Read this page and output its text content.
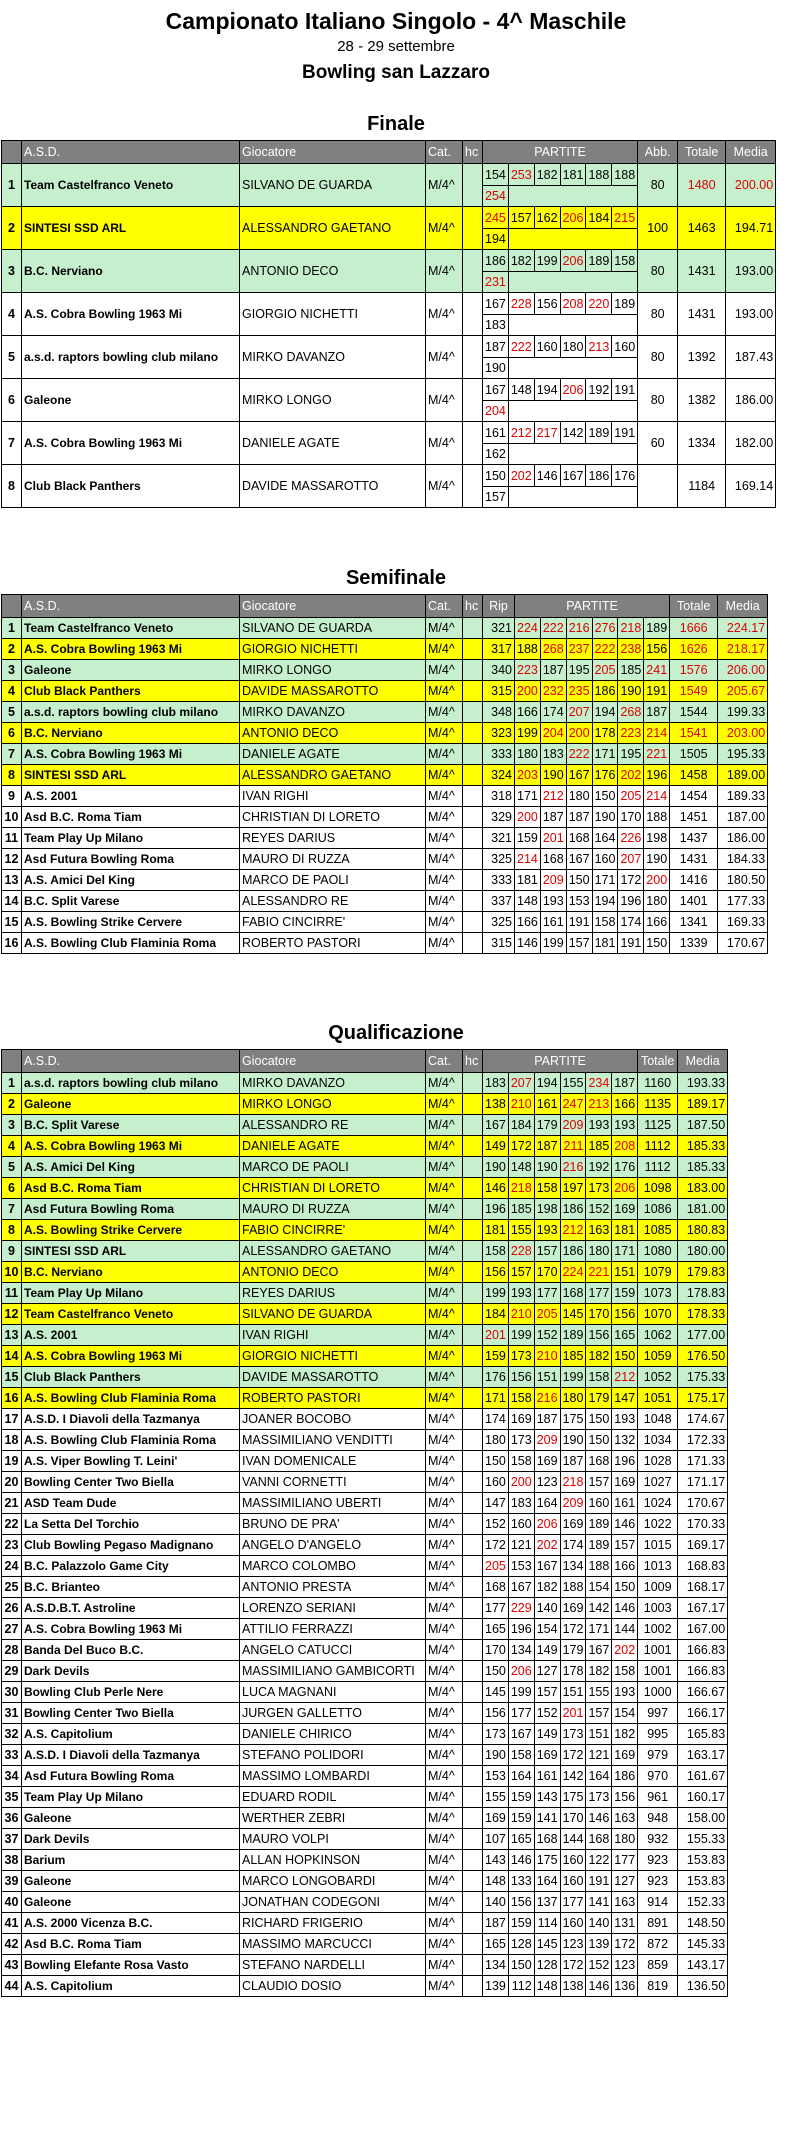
Campionato Italiano Singolo - 4^ Maschile
28 - 29 settembre
Bowling san Lazzaro
Finale
	A.S.D.	Giocatore	Cat.	hc	PARTITE						Abb.	Totale	Media
1	Team Castelfranco Veneto	SILVANO DE GUARDA	M/4^		154	253	182	181	188	188	80	1480	200.00
					254								
2	SINTESI SSD ARL	ALESSANDRO GAETANO	M/4^		245	157	162	206	184	215	100	1463	194.71
					194								
3	B.C. Nerviano	ANTONIO DECO	M/4^		186	182	199	206	189	158	80	1431	193.00
					231								
4	A.S. Cobra Bowling 1963 Mi	GIORGIO NICHETTI	M/4^		167	228	156	208	220	189	80	1431	193.00
					183								
5	a.s.d. raptors bowling club milano	MIRKO DAVANZO	M/4^		187	222	160	180	213	160	80	1392	187.43
					190								
6	Galeone	MIRKO LONGO	M/4^		167	148	194	206	192	191	80	1382	186.00
					204								
7	A.S. Cobra Bowling 1963 Mi	DANIELE AGATE	M/4^		161	212	217	142	189	191	60	1334	182.00
					162								
8	Club Black Panthers	DAVIDE MASSAROTTO	M/4^		150	202	146	167	186	176		1184	169.14
					157								
Semifinale
	A.S.D.	Giocatore	Cat.	hc	Rip	PARTITE						Totale	Media
1	Team Castelfranco Veneto	SILVANO DE GUARDA	M/4^		321	224	222	216	276	218	189	1666	224.17
2	A.S. Cobra Bowling 1963 Mi	GIORGIO NICHETTI	M/4^		317	188	268	237	222	238	156	1626	218.17
3	Galeone	MIRKO LONGO	M/4^		340	223	187	195	205	185	241	1576	206.00
4	Club Black Panthers	DAVIDE MASSAROTTO	M/4^		315	200	232	235	186	190	191	1549	205.67
5	a.s.d. raptors bowling club milano	MIRKO DAVANZO	M/4^		348	166	174	207	194	268	187	1544	199.33
6	B.C. Nerviano	ANTONIO DECO	M/4^		323	199	204	200	178	223	214	1541	203.00
7	A.S. Cobra Bowling 1963 Mi	DANIELE AGATE	M/4^		333	180	183	222	171	195	221	1505	195.33
8	SINTESI SSD ARL	ALESSANDRO GAETANO	M/4^		324	203	190	167	176	202	196	1458	189.00
9	A.S. 2001	IVAN RIGHI	M/4^		318	171	212	180	150	205	214	1454	189.33
10	Asd B.C. Roma Tiam	CHRISTIAN DI LORETO	M/4^		329	200	187	187	190	170	188	1451	187.00
11	Team Play Up Milano	REYES DARIUS	M/4^		321	159	201	168	164	226	198	1437	186.00
12	Asd Futura Bowling Roma	MAURO DI RUZZA	M/4^		325	214	168	167	160	207	190	1431	184.33
13	A.S. Amici Del King	MARCO DE PAOLI	M/4^		333	181	209	150	171	172	200	1416	180.50
14	B.C. Split Varese	ALESSANDRO RE	M/4^		337	148	193	153	194	196	180	1401	177.33
15	A.S. Bowling Strike Cervere	FABIO CINCIRRE'	M/4^		325	166	161	191	158	174	166	1341	169.33
16	A.S. Bowling Club Flaminia Roma	ROBERTO PASTORI	M/4^		315	146	199	157	181	191	150	1339	170.67
Qualificazione
	A.S.D.	Giocatore	Cat.	hc	PARTITE						Totale	Media
1	a.s.d. raptors bowling club milano	MIRKO DAVANZO	M/4^		183	207	194	155	234	187	1160	193.33
2	Galeone	MIRKO LONGO	M/4^		138	210	161	247	213	166	1135	189.17
3	B.C. Split Varese	ALESSANDRO RE	M/4^		167	184	179	209	193	193	1125	187.50
4	A.S. Cobra Bowling 1963 Mi	DANIELE AGATE	M/4^		149	172	187	211	185	208	1112	185.33
5	A.S. Amici Del King	MARCO DE PAOLI	M/4^		190	148	190	216	192	176	1112	185.33
6	Asd B.C. Roma Tiam	CHRISTIAN DI LORETO	M/4^		146	218	158	197	173	206	1098	183.00
7	Asd Futura Bowling Roma	MAURO DI RUZZA	M/4^		196	185	198	186	152	169	1086	181.00
8	A.S. Bowling Strike Cervere	FABIO CINCIRRE'	M/4^		181	155	193	212	163	181	1085	180.83
9	SINTESI SSD ARL	ALESSANDRO GAETANO	M/4^		158	228	157	186	180	171	1080	180.00
10	B.C. Nerviano	ANTONIO DECO	M/4^		156	157	170	224	221	151	1079	179.83
11	Team Play Up Milano	REYES DARIUS	M/4^		199	193	177	168	177	159	1073	178.83
12	Team Castelfranco Veneto	SILVANO DE GUARDA	M/4^		184	210	205	145	170	156	1070	178.33
13	A.S. 2001	IVAN RIGHI	M/4^		201	199	152	189	156	165	1062	177.00
14	A.S. Cobra Bowling 1963 Mi	GIORGIO NICHETTI	M/4^		159	173	210	185	182	150	1059	176.50
15	Club Black Panthers	DAVIDE MASSAROTTO	M/4^		176	156	151	199	158	212	1052	175.33
16	A.S. Bowling Club Flaminia Roma	ROBERTO PASTORI	M/4^		171	158	216	180	179	147	1051	175.17
17	A.S.D. I Diavoli della Tazmanya	JOANER BOCOBO	M/4^		174	169	187	175	150	193	1048	174.67
18	A.S. Bowling Club Flaminia Roma	MASSIMILIANO VENDITTI	M/4^		180	173	209	190	150	132	1034	172.33
19	A.S. Viper Bowling T. Leini'	IVAN DOMENICALE	M/4^		150	158	169	187	168	196	1028	171.33
20	Bowling Center Two Biella	VANNI CORNETTI	M/4^		160	200	123	218	157	169	1027	171.17
21	ASD Team Dude	MASSIMILIANO UBERTI	M/4^		147	183	164	209	160	161	1024	170.67
22	La Setta Del Torchio	BRUNO DE PRA'	M/4^		152	160	206	169	189	146	1022	170.33
23	Club Bowling Pegaso Madignano	ANGELO D'ANGELO	M/4^		172	121	202	174	189	157	1015	169.17
24	B.C. Palazzolo Game City	MARCO COLOMBO	M/4^		205	153	167	134	188	166	1013	168.83
25	B.C. Brianteo	ANTONIO PRESTA	M/4^		168	167	182	188	154	150	1009	168.17
26	A.S.D.B.T. Astroline	LORENZO SERIANI	M/4^		177	229	140	169	142	146	1003	167.17
27	A.S. Cobra Bowling 1963 Mi	ATTILIO FERRAZZI	M/4^		165	196	154	172	171	144	1002	167.00
28	Banda Del Buco B.C.	ANGELO CATUCCI	M/4^		170	134	149	179	167	202	1001	166.83
29	Dark Devils	MASSIMILIANO GAMBICORTI	M/4^		150	206	127	178	182	158	1001	166.83
30	Bowling Club Perle Nere	LUCA MAGNANI	M/4^		145	199	157	151	155	193	1000	166.67
31	Bowling Center Two Biella	JURGEN GALLETTO	M/4^		156	177	152	201	157	154	997	166.17
32	A.S. Capitolium	DANIELE CHIRICO	M/4^		173	167	149	173	151	182	995	165.83
33	A.S.D. I Diavoli della Tazmanya	STEFANO POLIDORI	M/4^		190	158	169	172	121	169	979	163.17
34	Asd Futura Bowling Roma	MASSIMO LOMBARDI	M/4^		153	164	161	142	164	186	970	161.67
35	Team Play Up Milano	EDUARD RODIL	M/4^		155	159	143	175	173	156	961	160.17
36	Galeone	WERTHER ZEBRI	M/4^		169	159	141	170	146	163	948	158.00
37	Dark Devils	MAURO VOLPI	M/4^		107	165	168	144	168	180	932	155.33
38	Barium	ALLAN HOPKINSON	M/4^		143	146	175	160	122	177	923	153.83
39	Galeone	MARCO LONGOBARDI	M/4^		148	133	164	160	191	127	923	153.83
40	Galeone	JONATHAN CODEGONI	M/4^		140	156	137	177	141	163	914	152.33
41	A.S. 2000 Vicenza B.C.	RICHARD FRIGERIO	M/4^		187	159	114	160	140	131	891	148.50
42	Asd B.C. Roma Tiam	MASSIMO MARCUCCI	M/4^		165	128	145	123	139	172	872	145.33
43	Bowling Elefante Rosa Vasto	STEFANO NARDELLI	M/4^		134	150	128	172	152	123	859	143.17
44	A.S. Capitolium	CLAUDIO DOSIO	M/4^		139	112	148	138	146	136	819	136.50
